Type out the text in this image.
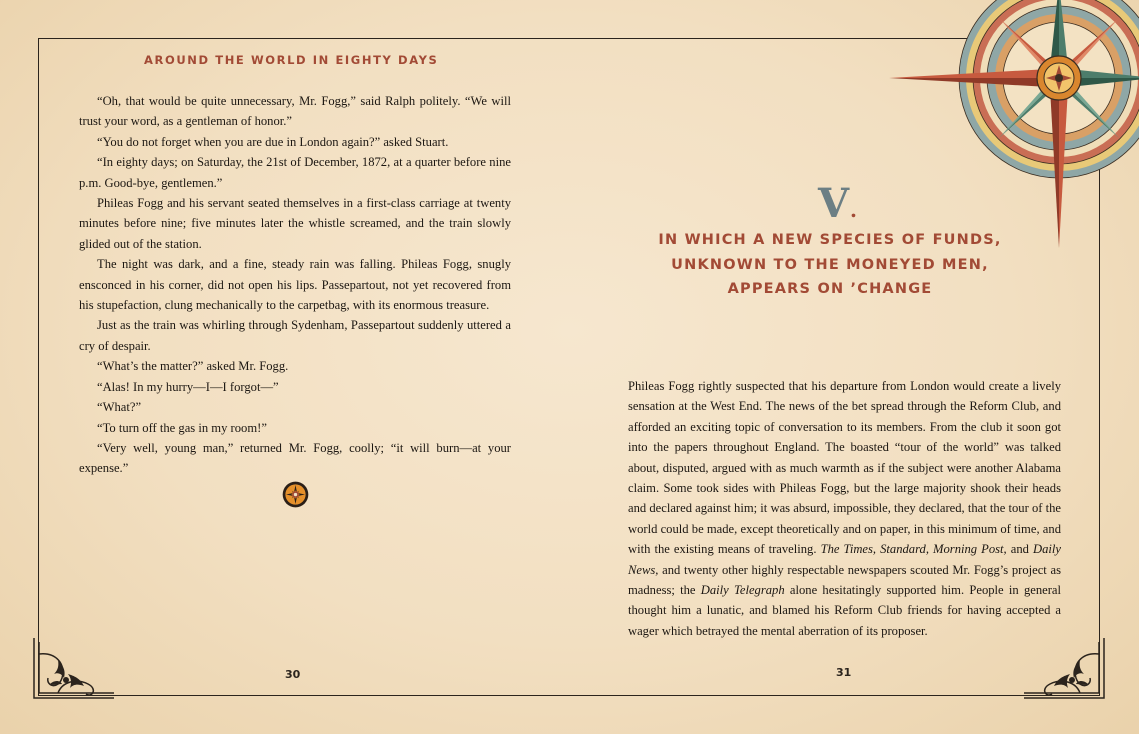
AROUND THE WORLD IN EIGHTY DAYS

“Oh, that would be quite unnecessary, Mr. Fogg,” said Ralph politely. “We will trust your word, as a gentleman of honor.”

“You do not forget when you are due in London again?” asked Stuart.

“In eighty days; on Saturday, the 21st of December, 1872, at a quarter before nine p.m. Good-bye, gentlemen.”

Phileas Fogg and his servant seated themselves in a first-class carriage at twenty minutes before nine; five minutes later the whistle screamed, and the train slowly glided out of the station.

The night was dark, and a fine, steady rain was falling. Phileas Fogg, snugly ensconced in his corner, did not open his lips. Passepartout, not yet recovered from his stupefaction, clung mechanically to the carpetbag, with its enormous treasure.

Just as the train was whirling through Sydenham, Passepartout suddenly uttered a cry of despair.

“What’s the matter?” asked Mr. Fogg.

“Alas! In my hurry—I—I forgot—”

“What?”

“To turn off the gas in my room!”

“Very well, young man,” returned Mr. Fogg, coolly; “it will burn—at your expense.”

30
V.
IN WHICH A NEW SPECIES OF FUNDS,
UNKNOWN TO THE MONEYED MEN,
APPEARS ON ’CHANGE

Phileas Fogg rightly suspected that his departure from London would create a lively sensation at the West End. The news of the bet spread through the Reform Club, and afforded an exciting topic of conversation to its members. From the club it soon got into the papers throughout England. The boasted “tour of the world” was talked about, disputed, argued with as much warmth as if the subject were another Alabama claim. Some took sides with Phileas Fogg, but the large majority shook their heads and declared against him; it was absurd, impossible, they declared, that the tour of the world could be made, except theoretically and on paper, in this minimum of time, and with the existing means of traveling. The Times, Standard, Morning Post, and Daily News, and twenty other highly respectable newspapers scouted Mr. Fogg’s project as madness; the Daily Telegraph alone hesitatingly supported him. People in general thought him a lunatic, and blamed his Reform Club friends for having accepted a wager which betrayed the mental aberration of its proposer.

31
